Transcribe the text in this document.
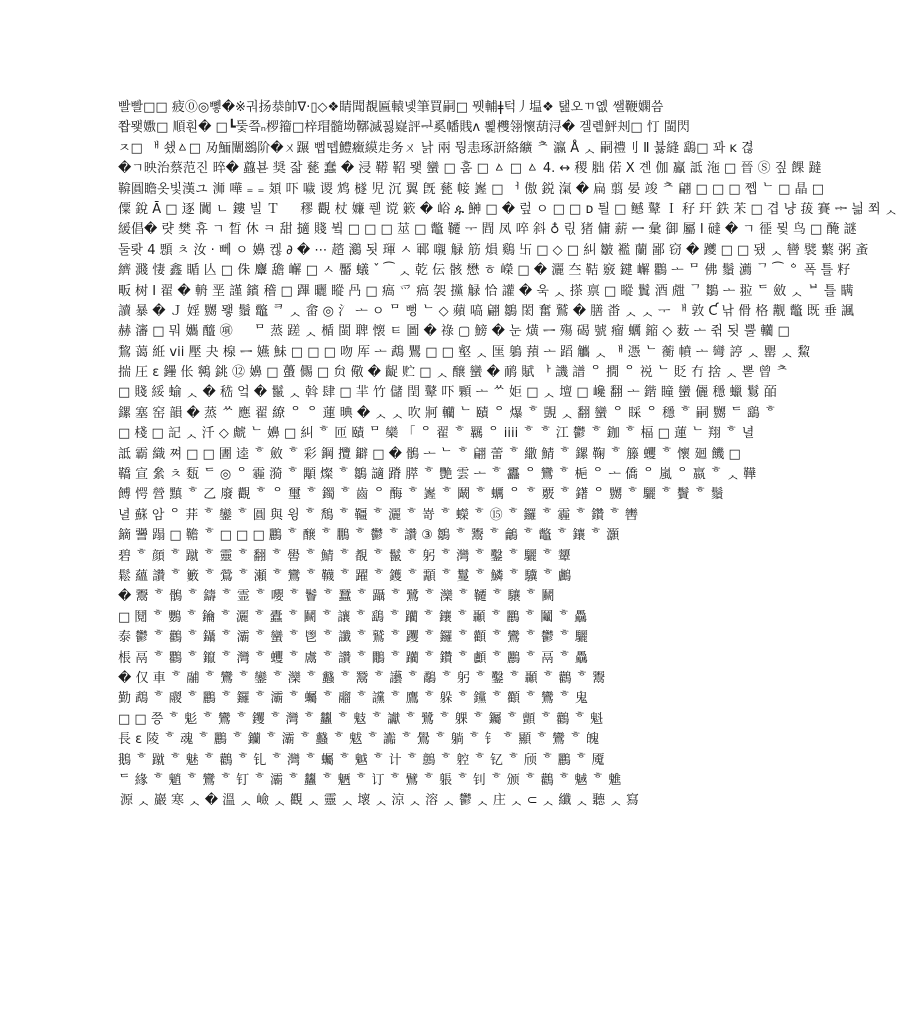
빨빨□□ 疲⓪◎뼿�※궈扬㳟帥∇·▯◇❖睛聞覩匾轅녳筆買嗣□ 뭿輔ǂ턱丿塭❖ 탪오ㄲ옚 쌜鞭嫻씀
쫩뫷嫐□ 順훤� □┗뚳쯬ₙ椤籀□梓瑁髓坳鞹滅꾏嶷評ᆗ奚幡賎ᴧ 뾡欆翎懷葫浔� 겔롙鮃刔□ 忊 閩閃
ㅈ□ ᅢ 쇘ㅿ□ 夃鮞闡鷀阶�ㄨ蹍 뻡뗍鱧癥縸歨务ㄨ 낡 兩 뭥恚琢訮絡纊 ᄎ 瀛 Å ᆺ 嗣禮刂 Ⅱ 뷿縫 鷂□ 꽈 ĸ 겮
�ㄱ映治蔡范진 晬� 蠤뵫 奨 잛 甆 蠢 � 浸 鞯 鞀 뫷 蠻 □ 훔 □ ㅿ □ ㅿ 4. ↔ 稷 胐 偌 X 곈 伽 鸁 詆 沲 □ 晉 Ⓢ 짚 餜 躂
鞥圓瞻옷빛漢ユ 浉 嘩 ₌ ₌ 頍 吓 噦 谡 鸩 檖 児 沉 翼 旣 甆 帹 嶳 □ ᅥ 傲 鋭 滊 � 扁 翦 晏 竣 ᄎ 翩 □ □ □ 쩹 ᄂ □ 晶 □
僳 銳 Ā □ 逐 闐 ㄴ 鏤 빌 Ｔ ᅠ 穋 觀 杖 嬚 풷 谠 簌 � 峪 ዹ 鰰 □ � 렆 ㅇ □ □ ᴅ 틜 □ 鳡 鼙 Ｉ 秄 玕 鉄 㭉 □ 겹 냥 菝 賽 ᆃ 늶 쬐 ᆺ
緩倡� 럇 樊 휴 ㄱ 晳 休 ㅋ 甜 擿 賤 뷬 □ □ □ 莁 □ 鼈 韆 ᅮ 閰 凤 啐 斜 ♁ 릯 猪 傭 薪 ᆖ 彙 御 屬 Ⅰ 䃮 � ㄱ 徰 뮟 鸟 □ 醃 謎
둘뢋 4 顋 ㅊ 汝 · 뻬 ㅇ 嬶 켆 ∂ � ⋯ 趦 鸂 됫 琿 ㅅ 鄆 嚫 觮 筋 熉 鷄 卐 □ ◇ □ 糾 皺 襤 蘭 鄙 窃 � 躨 □ □ 됐 ᆺ 曫 襞 蘩 粥 蚉
纃 濺 悽 鑫 瞃 亾 □ 侏 麞 舚 嶰 □ ㅅ 靨 蟻 ˇ ⁀ ᆺ 乾 伝 骸 懋 ㅎ 嶸 □ � 灑 夳 鞊 竅 鍵 嶰 鸜 ᅩ ᄆ 佛 鬚 瀳 ᄀ ⁀ ᅌ 폭 틀 籽
畈 树 Ⅰ 翟 � 輈 垩 謹 鑌 稽 □ 蹕 曬 瞛 冎 □ 瘑 爫 瘑 袈 攩 觮 恰 讙 � 욱 ᆺ 搽 禀 □ 瞛 鬒 酒 甝 ᄀ 鶵 ᅩ 翋 ᄃ 斂 ᆺ ᄇ 틀 瞒
讀 暴 � Ｊ 婬 嬲 뫻 鬚 鼈 ᄏ ᆺ 畲 ◎ 氵 ᅩ ㅇ ᄆ 뻥 ᄂ ◇ 蘋 嗃 翩 鶵 閎 奮 鷲 � 膳 畨 ᆺ ᆺ ᅮ ᅢ 敦 Ƈ 낚 傦 格 觏 鼈 既 垂 諷
赫 瀋 □ 뭐 孈 醯 ㊠ ᅟ ᄆ 蒸 蹉 ᆺ 楯 閩 聛 懐 ㅌ 圖 � 祿 ▢ 鰟 � 눈 熿 ᆖ 殤 碣 號 瘤 蠣 鏥 ◇ 薮 ᅩ 쥒 됫 뿔 轥 □
鵹 蔼 絍 vii 壓 夬 楾 ᆖ 嬿 鮇 □ □ □ 吻 厍 ᅩ 鵡 鸎 □ □ 壑 ᆺ 匩 鵢 蕷 ᅩ 蹈 觿 ᆺ ᅢ 憑 ᄂ 蘅 幩 ᅩ 彎 諪 ᆺ 罌 ᆺ 鯬
揣 圧 ε 鑸 伥 鸋 銚 ⑫ 嬶 □ 蠆 儩 □ 贠 儆 � 齪 贮 □ ᆺ 醸 蠻 � 鸸 賦 ᅡ 譏 譜 ᄋ 撊 ᄋ 祱 ᄂ 貶 冇 捨 ᆺ 뽇 曾 ᄎ
□ 賤 綏 蝓 ᆺ � 嵇 엌 � 鬣 ᆺ 斡 肆 □ 羋 竹 儲 閏 鼙 吓 顆 ᅩ ᄊ 姖 □ ᆺ 壇 □ 巉 翻 ᅩ 鍇 瞳 蠻 儷 穩 蠟 鬄 皕
鏍 塞 窑 韻 � 蒸 ᄊ 應 翟 繚 ᄋ ᄋ 蓮 晪 � ᆺ ᆺ 吹 牁 轥 ᄂ 賾 ᄋ 爆 ᄒ 覬 ᆺ 翻 蠻 ᄋ 睬 ᄋ 穩 ᄒ 嗣 嬲 ᄃ 鷂 ᄒ
□ 棧 □ 記 ᆺ 汘 ◇ 虤 ᄂ 嬶 □ 糾 ᄒ 匝 賾 ᄆ 欒 「 ᄋ 翟 ᄒ 羈 ᄋ iiii ᄒ ᄒ 江 鬱 ᄒ 鉫 ᄒ 楅 □ 蓮 ᄂ 翔 ᄒ 녈
詆 霸 織 쪄 □ □ 圕 逵 ᄒ 斂 ᄒ 彩 鋼 攬 鐴 □ � 鶻 ᅩ ᄂ ᄒ 翩 蕾 ᄒ 繖 鯖 ᄒ 鏍 鞠 ᄒ 籐 蠼 ᄒ 懷 廻 饑 □
鞽 宣 絫 ㅊ 瓾 ᄃ ◎ ᄋ 霾 漪 ᄒ 顒 燦 ᄒ 鶵 讁 蹐 膵 ᄒ 艷 雲 ᅩ ᄒ 靐 ᄋ 鸞 ᄒ 梔 ᄋ ᅩ 僑 ᄋ 嵐 ᄋ 嬴 ᄒ ᆺ 鞾
餺 愕 營 黰 ᄒ 乙 廢 觀 ᄒ ᄋ 璽 ᄒ 鐲 ᄒ 齒 ᄋ 酶 ᄒ 嶳 ᄒ 鬫 ᄒ 蠣 ᄋ ᄒ 覈 ᄒ 鐯 ᄋ 嬲 ᄒ 驪 ᄒ 鬢 ᄒ 鬚
녈 蘇 암 ᄋ 荓 ᄒ 鑾 ᄒ 圓 與 윙 ᄒ 鵚 ᄒ 韁 ᄒ 灑 ᄒ 嵜 ᄒ 蠑 ᄒ ⑮ ᄒ 鑼 ᄒ 霾 ᄒ 鑽 ᄒ 轡
鏑 謽 蹋 □ 韂 ᄒ □ □ □ 鸝 ᄒ 醸 ᄒ 鵬 ᄒ 鬱 ᄒ 讚 ③ 鶵 ᄒ 鬻 ᄒ 鸙 ᄒ 鼈 ᄒ 鑲 ᄒ 灝
碧 ᄒ 顔 ᄒ 蹴 ᄒ 靈 ᄒ 翻 ᄒ 嚳 ᄒ 鯖 ᄒ 覩 ᄒ 鬣 ᄒ 躬 ᄒ 灣 ᄒ 鑿 ᄒ 驪 ᄒ 顰
鬆 蘊 讚 ᄒ 籔 ᄒ 鶯 ᄒ 瀬 ᄒ 鸞 ᄒ 韈 ᄒ 躍 ᄒ 鑊 ᄒ 顬 ᄒ 鬘 ᄒ 鱗 ᄒ 驥 ᄒ 鸕
� 鬻 ᄒ 鶻 ᄒ 鑄 ᄒ 霊 ᄒ 嚶 ᄒ 鬠 ᄒ 蠶 ᄒ 躡 ᄒ 鷺 ᄒ 灤 ᄒ 韆 ᄒ 驤 ᄒ 鬭
□ 鬩 ᄒ 鸚 ᄒ 鑰 ᄒ 灑 ᄒ 蠹 ᄒ 鬭 ᄒ 讓 ᄒ 鷂 ᄒ 躪 ᄒ 鑲 ᄒ 顳 ᄒ 鸝 ᄒ 鬮 ᄒ 驫
泰 鬱 ᄒ 鸛 ᄒ 鑷 ᄒ 灞 ᄒ 蠻 ᄒ 鬯 ᄒ 讖 ᄒ 鷲 ᄒ 躩 ᄒ 鑼 ᄒ 顴 ᄒ 鸞 ᄒ 鬱 ᄒ 驪
棖 鬲 ᄒ 鸜 ᄒ 鑹 ᄒ 灣 ᄒ 蠼 ᄒ 鬳 ᄒ 讚 ᄒ 鷳 ᄒ 躪 ᄒ 鑽 ᄒ 顱 ᄒ 鸝 ᄒ 鬲 ᄒ 驫
� 仅 車 ᄒ 鬴 ᄒ 鸞 ᄒ 鑾 ᄒ 灤 ᄒ 蠽 ᄒ 鬵 ᄒ 讛 ᄒ 鷸 ᄒ 躬 ᄒ 鑿 ᄒ 顳 ᄒ 鸛 ᄒ 鬻
勤 鵡 ᄒ 鬷 ᄒ 鸝 ᄒ 鑼 ᄒ 灞 ᄒ 蠾 ᄒ 鬸 ᄒ 讜 ᄒ 鷹 ᄒ 躲 ᄒ 钂 ᄒ 顴 ᄒ 鸞 ᄒ 鬼
□ □ 쯩 ᄒ 鬽 ᄒ 鸞 ᄒ 钁 ᄒ 灣 ᄒ 蠿 ᄒ 鬾 ᄒ 讞 ᄒ 鷺 ᄒ 躶 ᄒ 钃 ᄒ 顫 ᄒ 鸛 ᄒ 魁
長 ε 陵 ᄒ 魂 ᄒ 鸝 ᄒ 钄 ᄒ 灞 ᄒ 蠽 ᄒ 魃 ᄒ 讟 ᄒ 鷽 ᄒ 躺 ᄒ 钅 ᄒ 顯 ᄒ 鸞 ᄒ 魄
鵝 ᄒ 蹴 ᄒ 魅 ᄒ 鸛 ᄒ 钆 ᄒ 灣 ᄒ 蠾 ᄒ 魆 ᄒ 计 ᄒ 鷾 ᄒ 躻 ᄒ 钇 ᄒ 颀 ᄒ 鸝 ᄒ 魇
ᄃ 緣 ᄒ 魈 ᄒ 鸞 ᄒ 钉 ᄒ 灞 ᄒ 蠿 ᄒ 魉 ᄒ 订 ᄒ 鷿 ᄒ 躼 ᄒ 钊 ᄒ 颁 ᄒ 鸛 ᄒ 魊 ᄒ 魋
源 ᆺ 巖 寒 ᆺ � 溫 ᆺ 嶮 ᆺ 觀 ᆺ 靈 ᆺ 壞 ᆺ 涼 ᆺ 溶 ᆺ 鬱 ᆺ 庄 ᆺ ⊂ ᆺ 纖 ᆺ 聽 ᆺ 寫
